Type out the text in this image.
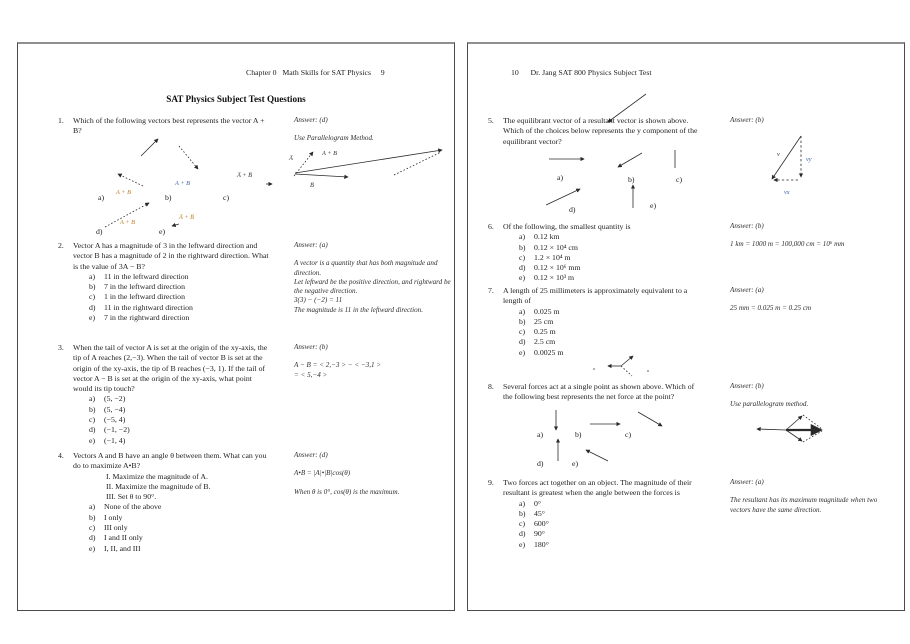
Chapter 0   Math Skills for SAT Physics     9
SAT Physics Subject Test Questions
1.	Which of the following vectors best represents the vector A + B?
A + B
a)
A + B
b)
A̅ + B̅
c)
A + B
d)
A̅ + B̅
e)
Answer: (d)
Use Parallelogram Method.
A̅
A + B
B̅
2.	Vector A has a magnitude of 3 in the leftward direction and vector B has a magnitude of 2 in the rightward direction. What is the value of 3A − B?
a)	11 in the leftward direction
b)	7 in the leftward direction
c)	1 in the leftward direction
d)	11 in the rightward direction
e)	7 in the rightward direction
Answer: (a)
A vector is a quantity that has both magnitude and direction.
Let leftward be the positive direction, and rightward be the negative direction.
3(3) − (−2) = 11
The magnitude is 11 in the leftward direction.
3.	When the tail of vector A is set at the origin of the xy-axis, the tip of A reaches (2,−3). When the tail of vector B is set at the origin of the xy-axis, the tip of B reaches (−3, 1). If the tail of vector A − B is set at the origin of the xy-axis, what point would its tip touch?
a)	(5, −2)
b)	(5, −4)
c)	(−5, 4)
d)	(−1, −2)
e)	(−1, 4)
Answer: (b)
A − B = < 2,−3 > − < −3,1 >
= < 5,−4 >
4.	Vectors A and B have an angle θ between them. What can you do to maximize A•B?
I. Maximize the magnitude of A.
II. Maximize the magnitude of B.
III. Set θ to 90°.
a)	None of the above
b)	I only
c)	III only
d)	I and II only
e)	I, II, and III
Answer: (d)
A•B = |A|•|B|cos(θ)
When θ is 0°, cos(θ) is the maximum.
10      Dr. Jang SAT 800 Physics Subject Test
5.	The equilibrant vector of a resultant vector is shown above. Which of the choices below represents the y component of the equilibrant vector?
a)	b)	c)
d)	e)
Answer: (b)
v
vy
vx
6.	Of the following, the smallest quantity is
a)	0.12 km
b)	0.12 × 10⁴ cm
c)	1.2 × 10⁴ m
d)	0.12 × 10⁶ mm
e)	0.12 × 10³ m
Answer: (b)
1 km = 1000 m = 100,000 cm = 10⁶ mm
7.	A length of 25 millimeters is approximately equivalent to a length of
a)	0.025 m
b)	25 cm
c)	0.25 m
d)	2.5 cm
e)	0.0025 m
Answer: (a)
25 mm = 0.025 m = 0.25 cm
8.	Several forces act at a single point as shown above. Which of the following best represents the net force at the point?
a)	b)	c)
d)	e)
Answer: (b)
Use parallelogram method.
9.	Two forces act together on an object. The magnitude of their resultant is greatest when the angle between the forces is
a)	0°
b)	45°
c)	600°
d)	90°
e)	180°
Answer: (a)
The resultant has its maximum magnitude when two vectors have the same direction.
